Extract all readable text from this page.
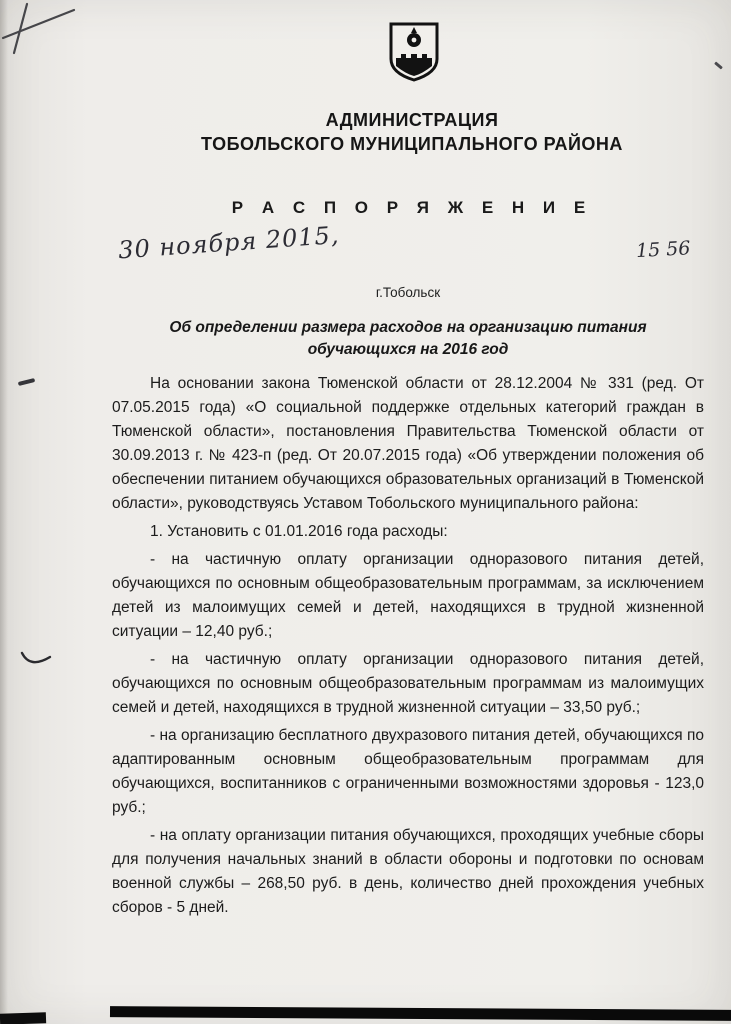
АДМИНИСТРАЦИЯ
ТОБОЛЬСКОГО МУНИЦИПАЛЬНОГО РАЙОНА
Р А С П О Р Я Ж Е Н И Е
30 ноября 2015,	15 56
г.Тобольск
Об определении размера расходов на организацию питания
обучающихся на 2016 год

На основании закона Тюменской области от 28.12.2004 № 331 (ред. От 07.05.2015 года) «О социальной поддержке отдельных категорий граждан в Тюменской области», постановления Правительства Тюменской области от 30.09.2013 г. № 423-п (ред. От 20.07.2015 года) «Об утверждении положения об обеспечении питанием обучающихся образовательных организаций в Тюменской области», руководствуясь Уставом Тобольского муниципального района:

1. Установить с 01.01.2016 года расходы:

- на частичную оплату организации одноразового питания детей, обучающихся по основным общеобразовательным программам, за исключением детей из малоимущих семей и детей, находящихся в трудной жизненной ситуации – 12,40 руб.;

- на частичную оплату организации одноразового питания детей, обучающихся по основным общеобразовательным программам из малоимущих семей и детей, находящихся в трудной жизненной ситуации – 33,50 руб.;

- на организацию бесплатного двухразового питания детей, обучающихся по адаптированным основным общеобразовательным программам для обучающихся, воспитанников с ограниченными возможностями здоровья - 123,0 руб.;

- на оплату организации питания обучающихся, проходящих учебные сборы для получения начальных знаний в области обороны и подготовки по основам военной службы – 268,50 руб. в день, количество дней прохождения учебных сборов - 5 дней.
